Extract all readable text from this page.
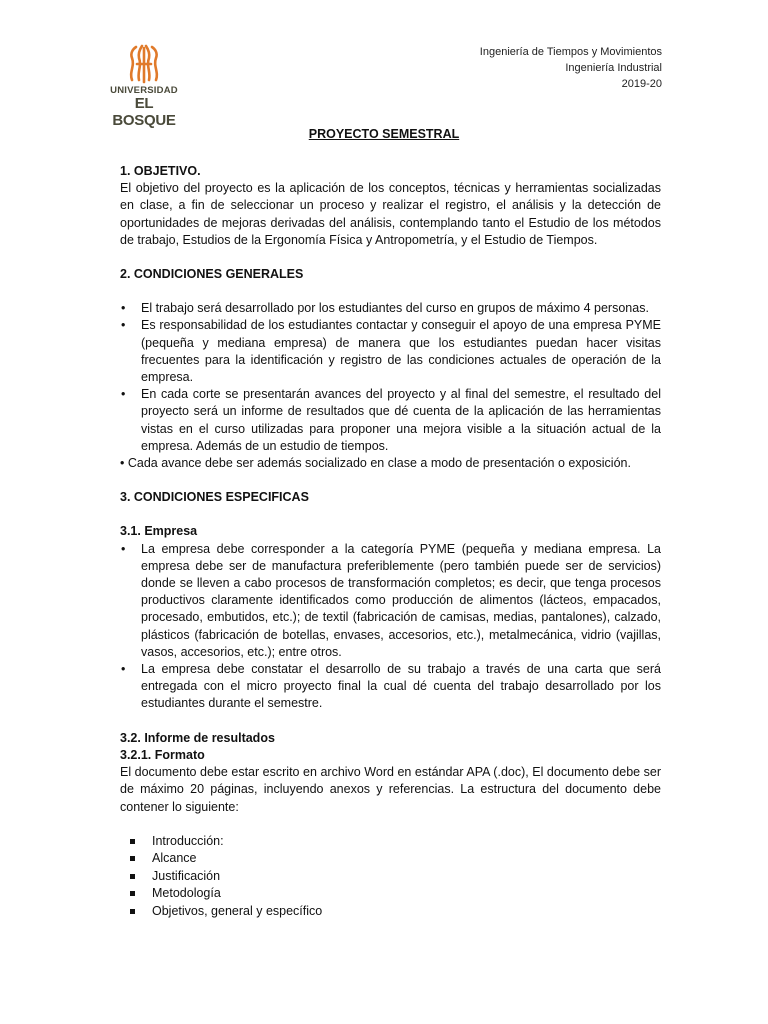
UNIVERSIDAD
EL BOSQUE
Ingeniería de Tiempos y Movimientos
Ingeniería Industrial
2019-20
PROYECTO SEMESTRAL
1. OBJETIVO.
El objetivo del proyecto es la aplicación de los conceptos, técnicas y herramientas socializadas en clase, a fin de seleccionar un proceso y realizar el registro, el análisis y la detección de oportunidades de mejoras derivadas del análisis, contemplando tanto el Estudio de los métodos de trabajo, Estudios de la Ergonomía Física y Antropometría, y el Estudio de Tiempos.
2. CONDICIONES GENERALES
• El trabajo será desarrollado por los estudiantes del curso en grupos de máximo 4 personas.
• Es responsabilidad de los estudiantes contactar y conseguir el apoyo de una empresa PYME (pequeña y mediana empresa) de manera que los estudiantes puedan hacer visitas frecuentes para la identificación y registro de las condiciones actuales de operación de la empresa.
• En cada corte se presentarán avances del proyecto y al final del semestre, el resultado del proyecto será un informe de resultados que dé cuenta de la aplicación de las herramientas vistas en el curso utilizadas para proponer una mejora visible a la situación actual de la empresa. Además de un estudio de tiempos.
• Cada avance debe ser además socializado en clase a modo de presentación o exposición.
3. CONDICIONES ESPECIFICAS
3.1. Empresa
• La empresa debe corresponder a la categoría PYME (pequeña y mediana empresa. La empresa debe ser de manufactura preferiblemente (pero también puede ser de servicios) donde se lleven a cabo procesos de transformación completos; es decir, que tenga procesos productivos claramente identificados como producción de alimentos (lácteos, empacados, procesado, embutidos, etc.); de textil (fabricación de camisas, medias, pantalones), calzado, plásticos (fabricación de botellas, envases, accesorios, etc.), metalmecánica, vidrio (vajillas, vasos, accesorios, etc.); entre otros.
• La empresa debe constatar el desarrollo de su trabajo a través de una carta que será entregada con el micro proyecto final la cual dé cuenta del trabajo desarrollado por los estudiantes durante el semestre.
3.2. Informe de resultados
3.2.1. Formato
El documento debe estar escrito en archivo Word en estándar APA (.doc), El documento debe ser de máximo 20 páginas, incluyendo anexos y referencias. La estructura del documento debe contener lo siguiente:
Introducción:
Alcance
Justificación
Metodología
Objetivos, general y específico
